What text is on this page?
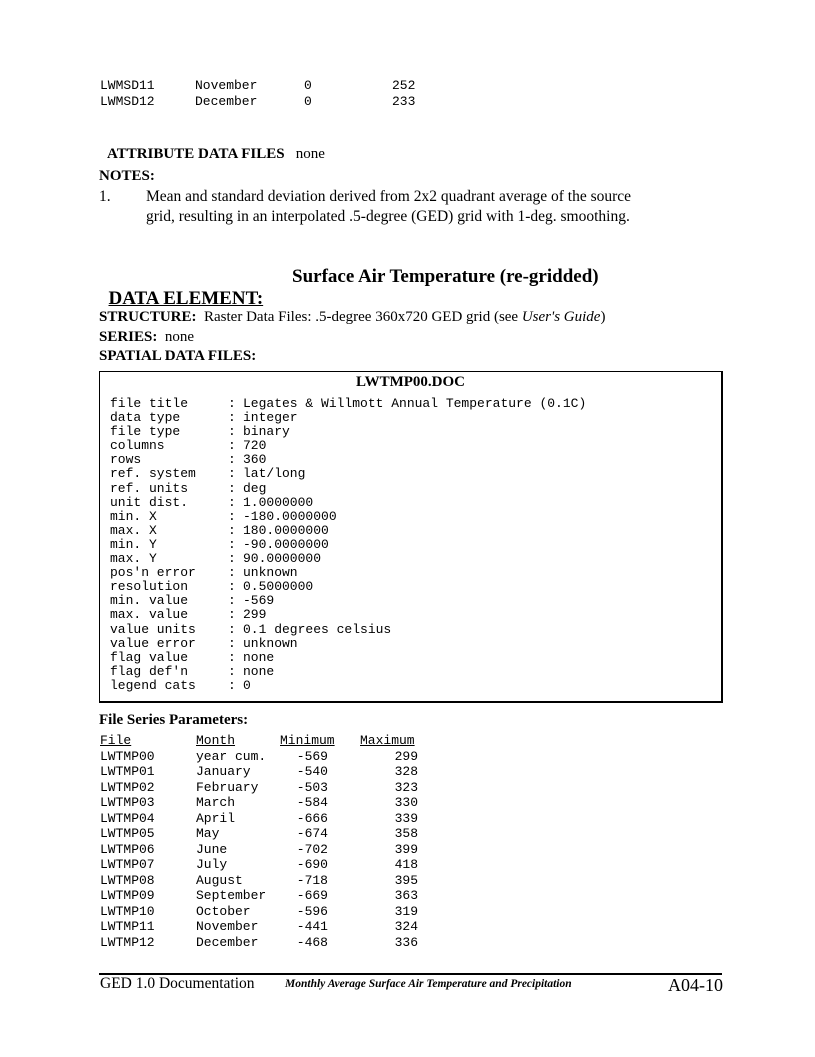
LWMSD11	November	0	252
LWMSD12	December	0	233

ATTRIBUTE DATA FILES none

NOTES:
1. Mean and standard deviation derived from 2x2 quadrant average of the source
grid, resulting in an interpolated .5-degree (GED) grid with 1-deg. smoothing.

DATA ELEMENT:

Surface Air Temperature (re-gridded)
STRUCTURE: Raster Data Files: .5-degree 360x720 GED grid (see User's Guide)
SERIES: none
SPATIAL DATA FILES:
LWTMP00.DOC
file title	: Legates & Willmott Annual Temperature (0.1C)
data type	: integer
file type	: binary
columns	: 720
rows	: 360
ref. system : lat/long
ref. units	: deg
unit dist.	: 1.0000000
min. X	: -180.0000000
max. X	: 180.0000000
min. Y	: -90.0000000
max. Y	: 90.0000000
pos'n error : unknown
resolution	: 0.5000000
min. value	: -569
max. value	: 299
value units : 0.1 degrees celsius
value error : unknown
flag value	: none
flag def'n	: none
legend cats : 0
File Series Parameters:
File	Month	Minimum Maximum
LWTMP00	year cum.	-569	299
LWTMP01	January	-540	328
LWTMP02	February	-503	323
LWTMP03	March	-584	330
LWTMP04	April	-666	339
LWTMP05	May	-674	358
LWTMP06	June	-702	399
LWTMP07	July	-690	418
LWTMP08	August	-718	395
LWTMP09	September	-669	363
LWTMP10	October	-596	319
LWTMP11	November	-441	324
LWTMP12	December	-468	336
GED 1.0 Documentation	Monthly Average Surface Air Temperature and Precipitation	A04-10
